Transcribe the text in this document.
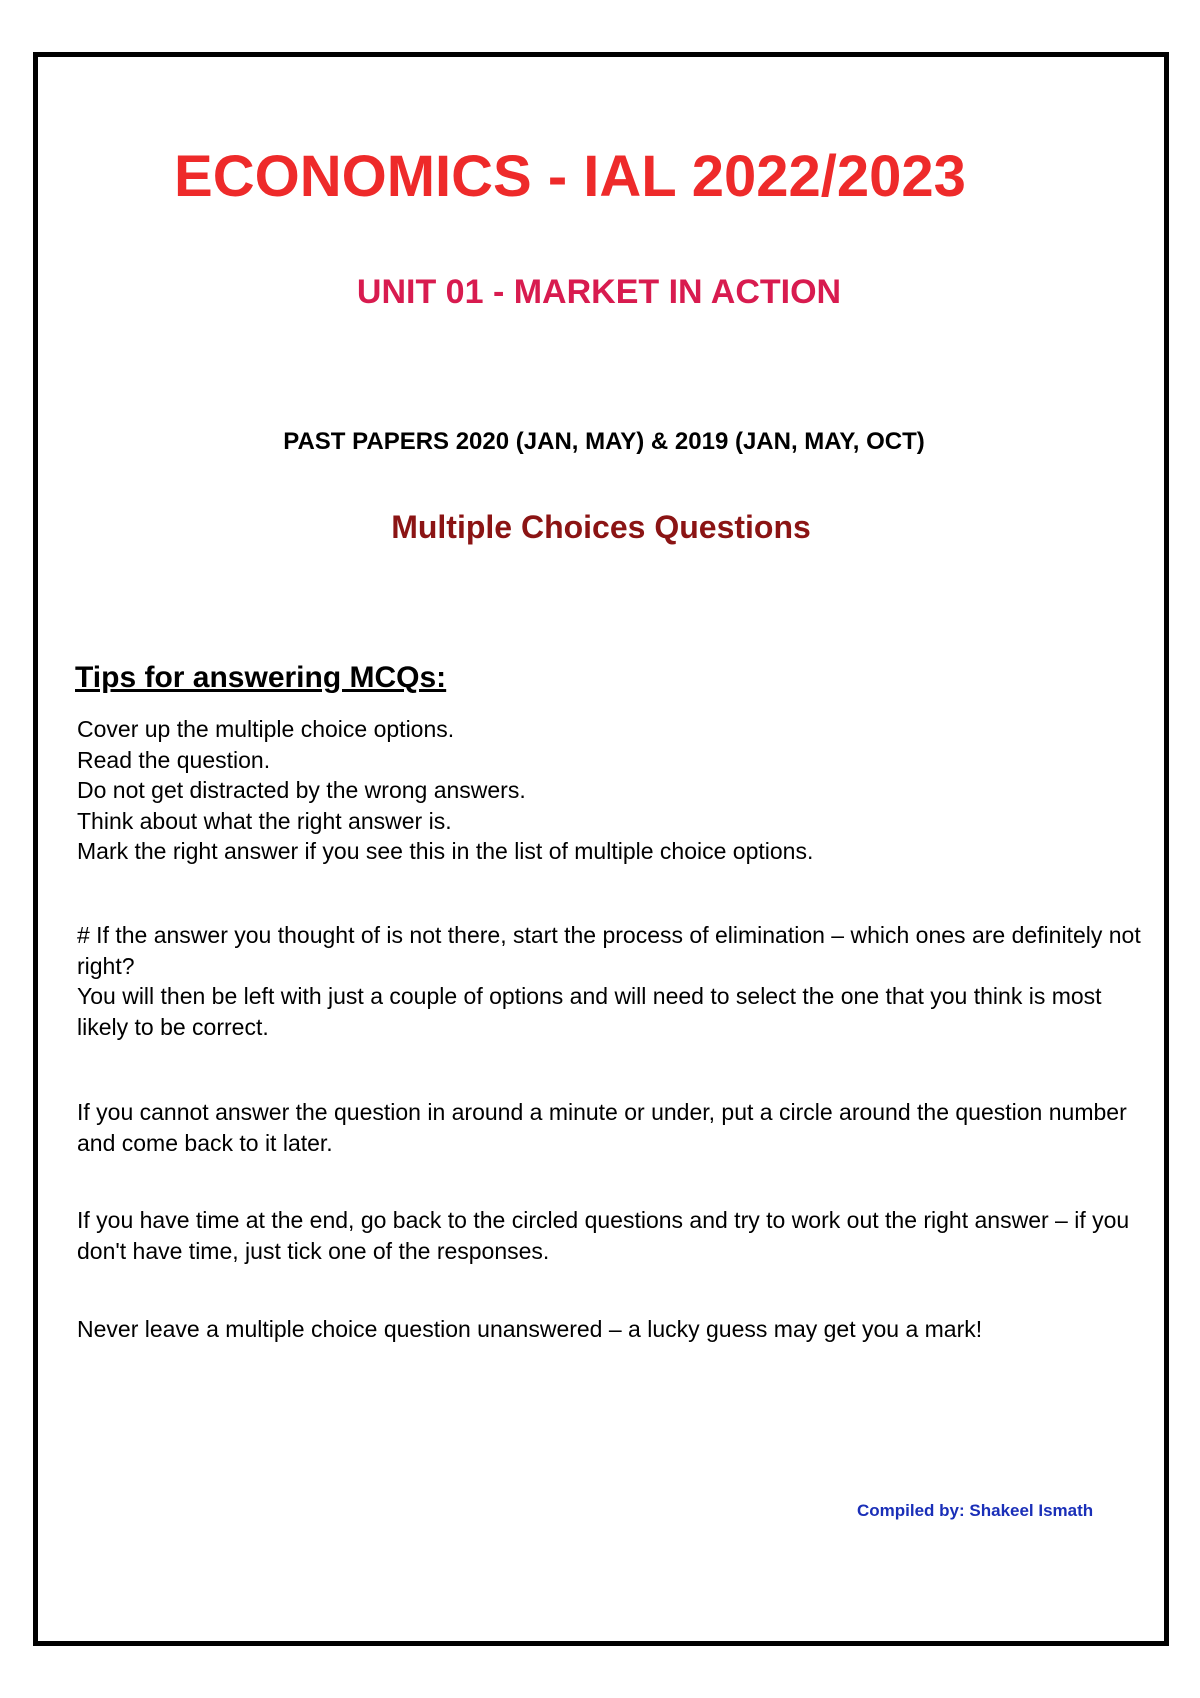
ECONOMICS - IAL 2022/2023
UNIT 01 - MARKET IN ACTION
PAST PAPERS 2020 (JAN, MAY) & 2019 (JAN, MAY, OCT)
Multiple Choices Questions
Tips for answering MCQs:
Cover up the multiple choice options.
Read the question.
Do not get distracted by the wrong answers.
Think about what the right answer is.
Mark the right answer if you see this in the list of multiple choice options.
# If the answer you thought of is not there, start the process of elimination – which ones are definitely not right?
You will then be left with just a couple of options and will need to select the one that you think is most likely to be correct.

If you cannot answer the question in around a minute or under, put a circle around the question number and come back to it later.

If you have time at the end, go back to the circled questions and try to work out the right answer – if you don't have time, just tick one of the responses.

Never leave a multiple choice question unanswered – a lucky guess may get you a mark!

Compiled by: Shakeel Ismath
